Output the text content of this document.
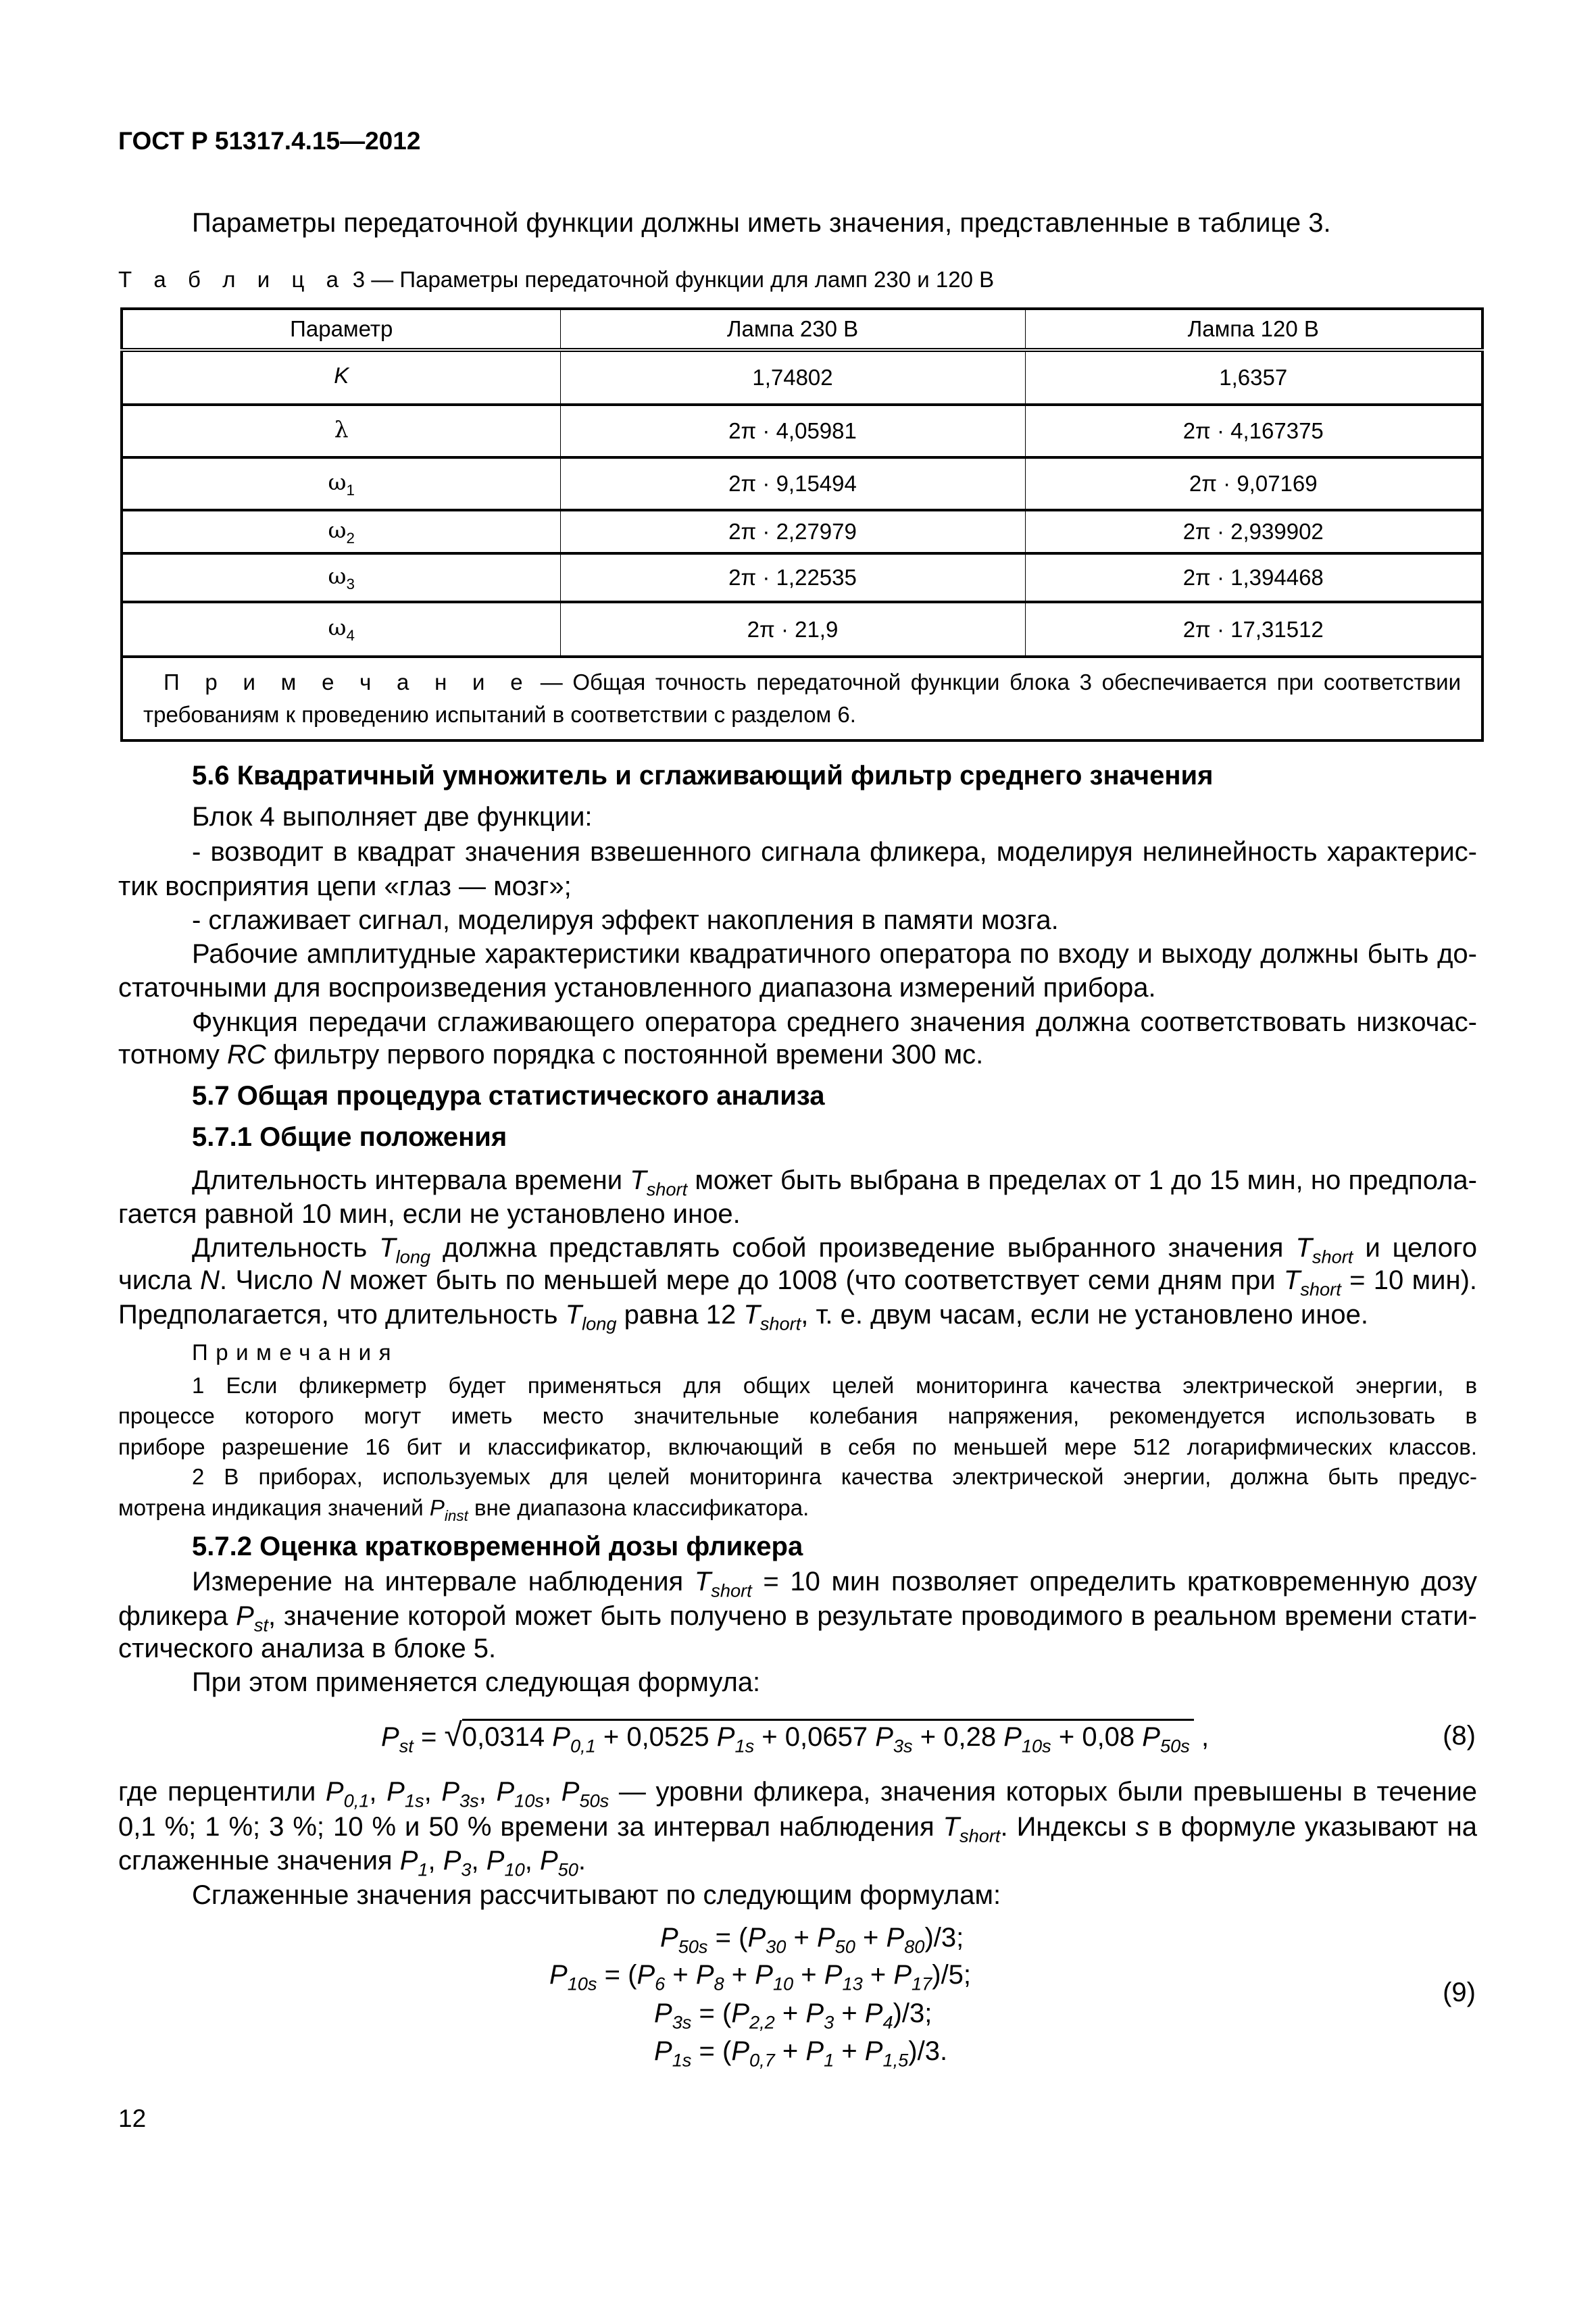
ГОСТ Р 51317.4.15—2012
Параметры передаточной функции должны иметь значения, представленные в таблице 3.
Т а б л и ц а 3 — Параметры передаточной функции для ламп 230 и 120 В
Параметр	Лампа 230 В	Лампа 120 В
K	1,74802	1,6357
λ	2π · 4,05981	2π · 4,167375
$\omega_1$	2π · 9,15494	2π · 9,07169
$\omega_2$	2π · 2,27979	2π · 2,939902
$\omega_3$	2π · 1,22535	2π · 1,394468
$\omega_4$	2π · 21,9	2π · 17,31512

П р и м е ч а н и е — Общая точность передаточной функции блока 3 обеспечивается при соответствии
требованиям к проведению испытаний в соответствии с разделом 6.		
5.6 Квадратичный умножитель и сглаживающий фильтр среднего значения
Блок 4 выполняет две функции:
- возводит в квадрат значения взвешенного сигнала фликера, моделируя нелинейность характерис-
тик восприятия цепи «глаз — мозг»;
- сглаживает сигнал, моделируя эффект накопления в памяти мозга.
Рабочие амплитудные характеристики квадратичного оператора по входу и выходу должны быть до-
статочными для воспроизведения установленного диапазона измерений прибора.
Функция передачи сглаживающего оператора среднего значения должна соответствовать низкочас-
тотному RC фильтру первого порядка с постоянной времени 300 мс.
5.7 Общая процедура статистического анализа
5.7.1 Общие положения
Длительность интервала времени $T_{short}$ может быть выбрана в пределах от 1 до 15 мин, но предпола-
гается равной 10 мин, если не установлено иное.
Длительность $T_{long}$ должна представлять собой произведение выбранного значения $T_{short}$ и целого
числа N. Число N может быть по меньшей мере до 1008 (что соответствует семи дням при $T_{short} = 10$ мин).
Предполагается, что длительность $T_{long}$ равна 12 $T_{short}$, т. е. двум часам, если не установлено иное.
Примечания
1 Если фликерметр будет применяться для общих целей мониторинга качества электрической энергии, в
процессе которого могут иметь место значительные колебания напряжения, рекомендуется использовать в
приборе разрешение 16 бит и классификатор, включающий в себя по меньшей мере 512 логарифмических классов.
2 В приборах, используемых для целей мониторинга качества электрической энергии, должна быть предус-
мотрена индикация значений $P_{inst}$ вне диапазона классификатора.
5.7.2 Оценка кратковременной дозы фликера
Измерение на интервале наблюдения $T_{short} = 10$ мин позволяет определить кратковременную дозу
фликера $P_{st}$, значение которой может быть получено в результате проводимого в реальном времени стати-
стического анализа в блоке 5.
При этом применяется следующая формула:
где перцентили $P_{0,1}$, $P_{1s}$, $P_{3s}$, $P_{10s}$, $P_{50s}$ — уровни фликера, значения которых были превышены в течение
0,1 %; 1 %; 3 %; 10 % и 50 % времени за интервал наблюдения $T_{short}$. Индексы s в формуле указывают на
сглаженные значения $P_1$, $P_3$, $P_{10}$, $P_{50}$.
Сглаженные значения рассчитывают по следующим формулам:
$P_{st} = √0,0314$ $P_{0,1} + 0,0525$ $P_{1s} + 0,0657$ $P_{3s} + 0,28$ $P_{10s} + 0,08$ $P_{50s}$ ,	(8)
$P_{50s} = (P_{30} + P_{50} + P_{80})/3$;
$P_{10s} = (P_6 + P_8 + P_{10} + P_{13} + P_{17})/5$;
$P_{3s} = (P_{2,2} + P_3 + P_4)/3$;
$P_{1s} = (P_{0,7} + P_1 + P_{1,5})/3$.
(9)
12
